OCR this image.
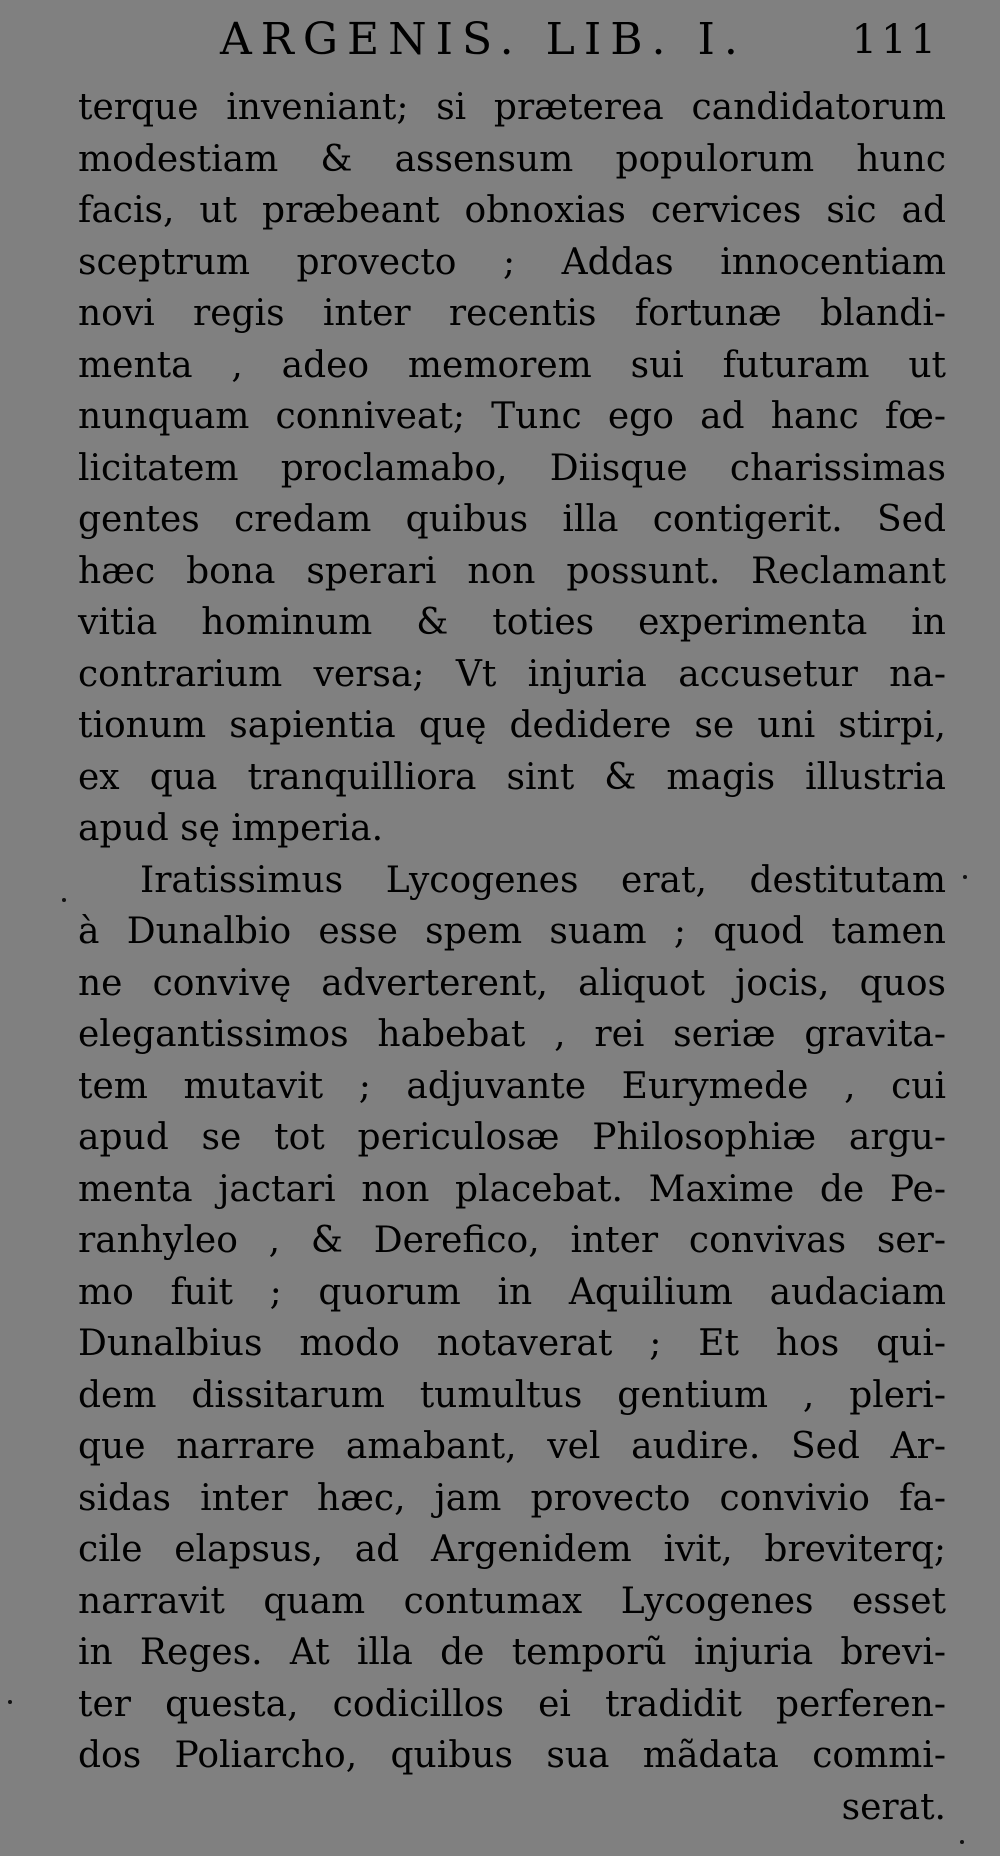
ARGENIS. LIB. I.	111
terque inveniant; si præterea candidatorum
modestiam & assensum populorum hunc
facis, ut præbeant obnoxias cervices sic ad
sceptrum provecto ; Addas innocentiam
novi regis inter recentis fortunæ blandi-
menta , adeo memorem sui futuram ut
nunquam conniveat; Tunc ego ad hanc fœ-
licitatem proclamabo, Diisque charissimas
gentes credam quibus illa contigerit. Sed
hæc bona sperari non possunt. Reclamant
vitia hominum & toties experimenta in
contrarium versa; Vt injuria accusetur na-
tionum sapientia quę dedidere se uni stirpi,
ex qua tranquilliora sint & magis illustria
apud sę imperia.
Iratissimus Lycogenes erat, destitutam
à Dunalbio esse spem suam ; quod tamen
ne convivę adverterent, aliquot jocis, quos
elegantissimos habebat , rei seriæ gravita-
tem mutavit ; adjuvante Eurymede , cui
apud se tot periculosæ Philosophiæ argu-
menta jactari non placebat. Maxime de Pe-
ranhyleo , & Derefico, inter convivas ser-
mo fuit ; quorum in Aquilium audaciam
Dunalbius modo notaverat ; Et hos qui-
dem dissitarum tumultus gentium , pleri-
que narrare amabant, vel audire. Sed Ar-
sidas inter hæc, jam provecto convivio fa-
cile elapsus, ad Argenidem ivit, breviterq;
narravit quam contumax Lycogenes esset
in Reges. At illa de temporũ injuria brevi-
ter questa, codicillos ei tradidit perferen-
dos Poliarcho, quibus sua mãdata commi-
serat.
